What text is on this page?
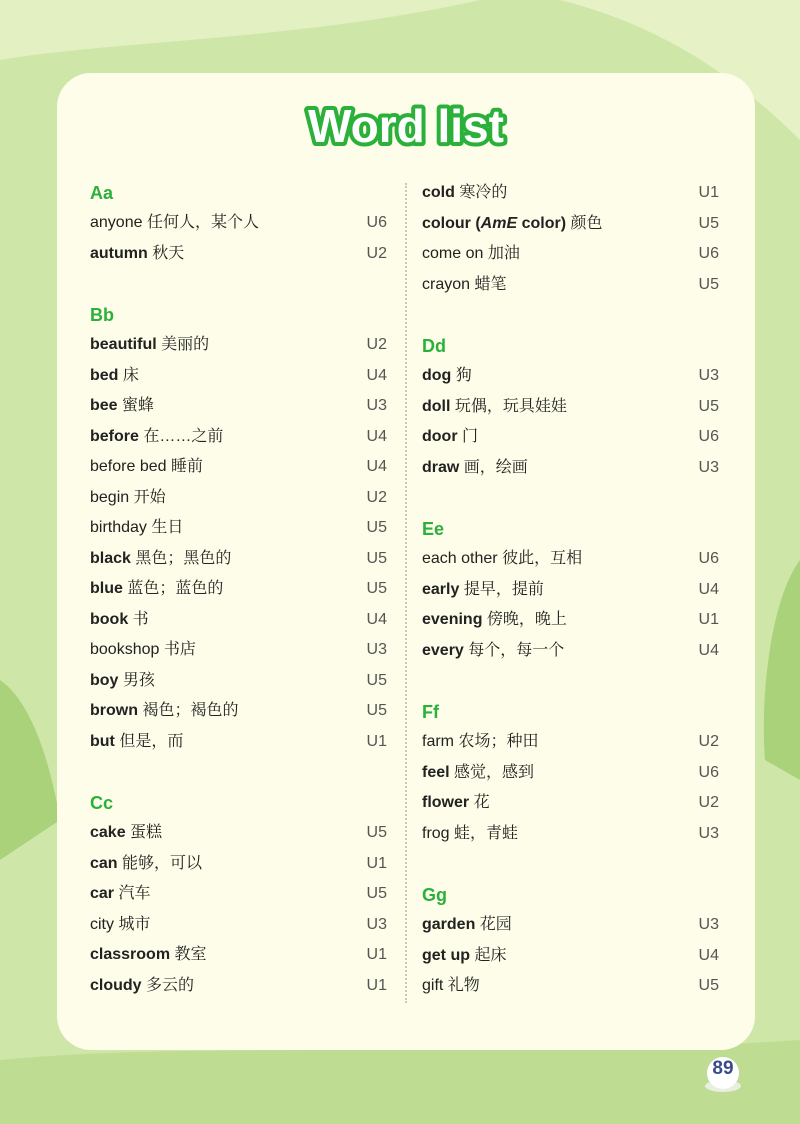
Word list
Aa
anyone 任何人，某个人	U6
autumn 秋天	U2
Bb
beautiful 美丽的	U2
bed 床	U4
bee 蜜蜂	U3
before 在……之前	U4
before bed 睡前	U4
begin 开始	U2
birthday 生日	U5
black 黑色；黑色的	U5
blue 蓝色；蓝色的	U5
book 书	U4
bookshop 书店	U3
boy 男孩	U5
brown 褐色；褐色的	U5
but 但是，而	U1
Cc
cake 蛋糕	U5
can 能够，可以	U1
car 汽车	U5
city 城市	U3
classroom 教室	U1
cloudy 多云的	U1
cold 寒冷的	U1
colour (AmE color) 颜色	U5
come on 加油	U6
crayon 蜡笔	U5
Dd
dog 狗	U3
doll 玩偶，玩具娃娃	U5
door 门	U6
draw 画，绘画	U3
Ee
each other 彼此，互相	U6
early 提早，提前	U4
evening 傍晚，晚上	U1
every 每个，每一个	U4
Ff
farm 农场；种田	U2
feel 感觉，感到	U6
flower 花	U2
frog 蛙，青蛙	U3
Gg
garden 花园	U3
get up 起床	U4
gift 礼物	U5
89
